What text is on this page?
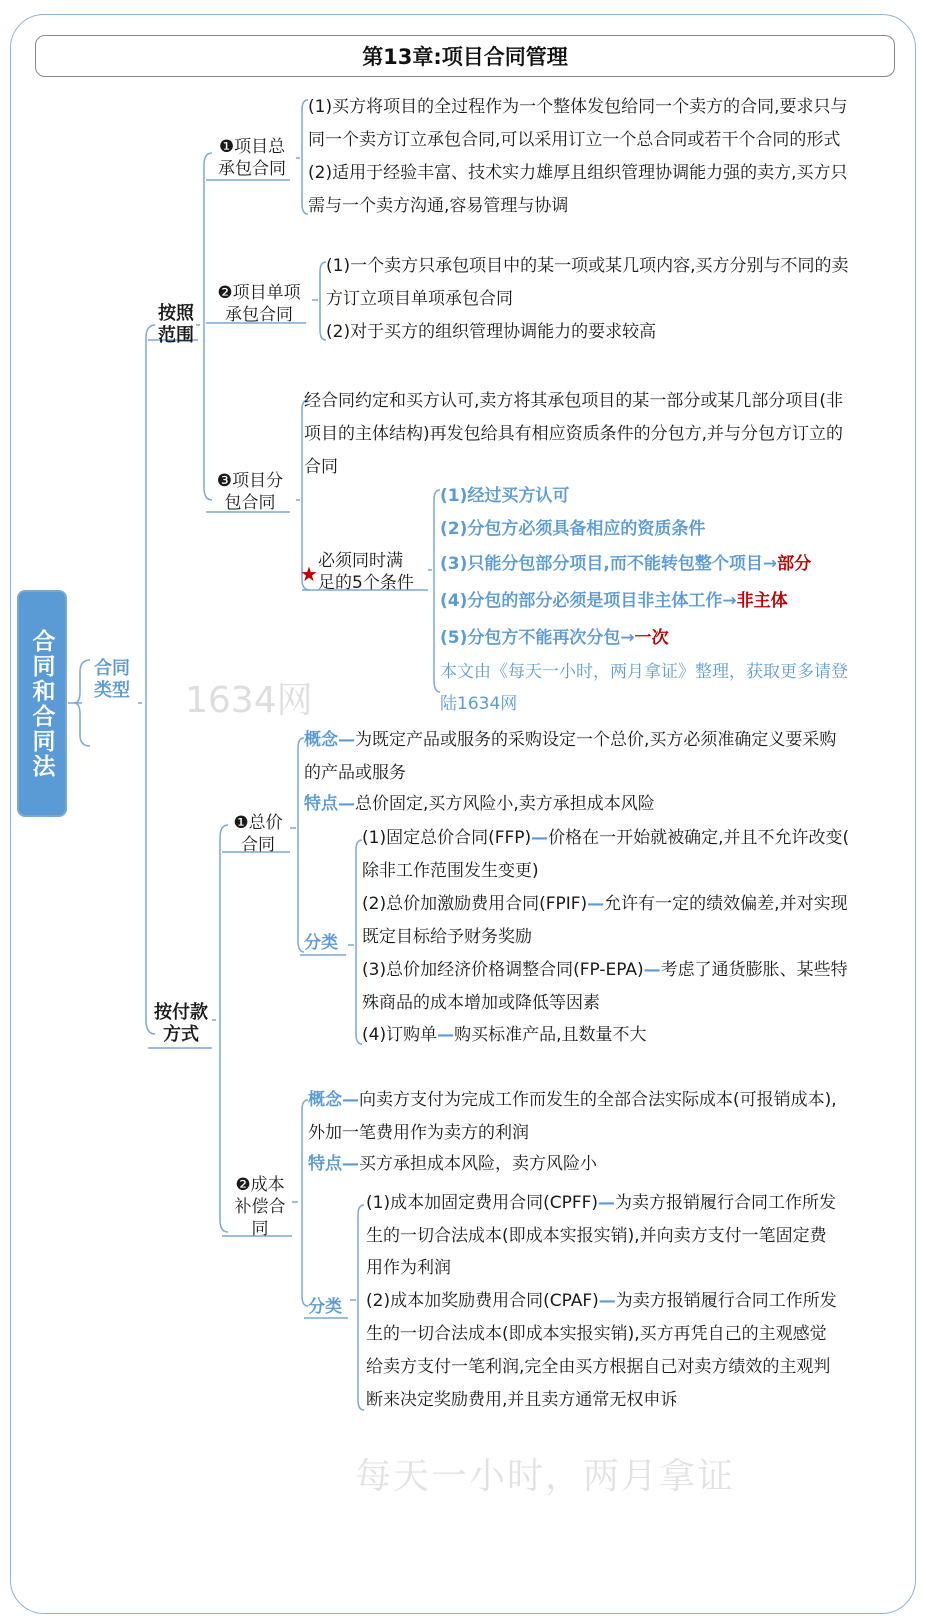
第13章:项目合同管理
1634网
每天一小时，两月拿证
合同和合同法 合同
类型
按照范围
❶项目总承包合同
(1)买方将项目的全过程作为一个整体发包给同一个卖方的合同,要求只与
同一个卖方订立承包合同,可以采用订立一个总合同或若干个合同的形式
(2)适用于经验丰富、技术实力雄厚且组织管理协调能力强的卖方,买方只
需与一个卖方沟通,容易管理与协调
❷项目单项承包合同
(1)一个卖方只承包项目中的某一项或某几项内容,买方分别与不同的卖
方订立项目单项承包合同
(2)对于买方的组织管理协调能力的要求较高
❸项目分包合同
经合同约定和买方认可,卖方将其承包项目的某一部分或某几部分项目(非
项目的主体结构)再发包给具有相应资质条件的分包方,并与分包方订立的
合同
★
必须同时满足的5个条件
(1)经过买方认可
(2)分包方必须具备相应的资质条件
(3)只能分包部分项目,而不能转包整个项目→部分
(4)分包的部分必须是项目非主体工作→非主体
(5)分包方不能再次分包→一次
本文由《每天一小时，两月拿证》整理，获取更多请登
陆1634网
按付款方式
❶总价合同
概念—为既定产品或服务的采购设定一个总价,买方必须准确定义要采购
的产品或服务
特点—总价固定,买方风险小,卖方承担成本风险
分类
(1)固定总价合同(FFP)—价格在一开始就被确定,并且不允许改变(
除非工作范围发生变更)
(2)总价加激励费用合同(FPIF)—允许有一定的绩效偏差,并对实现
既定目标给予财务奖励
(3)总价加经济价格调整合同(FP-EPA)—考虑了通货膨胀、某些特
殊商品的成本增加或降低等因素
(4)订购单—购买标准产品,且数量不大
❷成本补偿合同
概念—向卖方支付为完成工作而发生的全部合法实际成本(可报销成本),
外加一笔费用作为卖方的利润
特点—买方承担成本风险，卖方风险小
分类
(1)成本加固定费用合同(CPFF)—为卖方报销履行合同工作所发
生的一切合法成本(即成本实报实销),并向卖方支付一笔固定费
用作为利润
(2)成本加奖励费用合同(CPAF)—为卖方报销履行合同工作所发
生的一切合法成本(即成本实报实销),买方再凭自己的主观感觉
给卖方支付一笔利润,完全由买方根据自己对卖方绩效的主观判
断来决定奖励费用,并且卖方通常无权申诉
